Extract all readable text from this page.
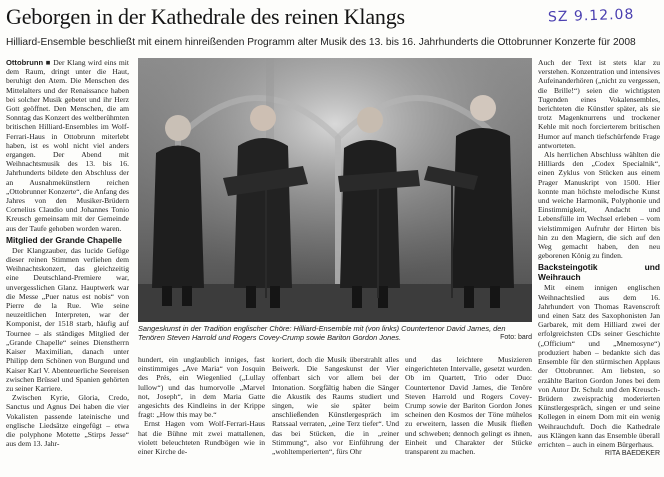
Geborgen in der Kathedrale des reinen Klangs	SZ 9.12.08
Hilliard-Ensemble beschließt mit einem hinreißenden Programm alter Musik des 13. bis 16. Jahrhunderts die Ottobrunner Konzerte für 2008

Ottobrunn ■ Der Klang wird eins mit dem Raum, dringt unter die Haut, beruhigt den Atem. Die Menschen des Mittelalters und der Renaissance haben bei solcher Musik gebetet und ihr Herz Gott geöffnet. Den Menschen, die am Sonntag das Konzert des weltberühmten britischen Hilliard-Ensembles im Wolf-Ferrari-Haus in Ottobrunn miterlebt haben, ist es wohl nicht viel anders ergangen. Der Abend mit Weihnachtsmusik des 13. bis 16. Jahrhunderts bildete den Abschluss der an Ausnahmekünstlern reichen „Ottobrunner Konzerte“, die Anfang des Jahres von den Musiker-Brüdern Cornelius Claudio und Johannes Tonio Kreusch gemeinsam mit der Gemeinde aus der Taufe gehoben worden waren.

Mitglied der Grande Chapelle

Der Klangzauber, das lucide Gefüge dieser reinen Stimmen verliehen dem Weihnachtskonzert, das gleichzeitig eine Deutschland-Premiere war, unvergesslichen Glanz. Hauptwerk war die Messe „Puer natus est nobis“ von Pierre de la Rue. Wie seine neuzeitlichen Interpreten, war der Komponist, der 1518 starb, häufig auf Tournee – als ständiges Mitglied der „Grande Chapelle“ seines Dienstherrn Kaiser Maximilian, danach unter Philipp dem Schönen von Burgund und Kaiser Karl V. Abenteuerliche Seereisen zwischen Brüssel und Spanien gehörten zu seiner Karriere.

Zwischen Kyrie, Gloria, Credo, Sanctus und Agnus Dei haben die vier Vokalisten passende lateinische und englische Liedsätze eingefügt – etwa die polyphone Motette „Stirps Jesse“ aus dem 13. Jahr-

Sangeskunst in der Tradition englischer Chöre: Hilliard-Ensemble mit (von links) Countertenor David James, den Tenören Steven Harrold und Rogers Covey-Crump sowie Bariton Gordon Jones.	Foto: bard

hundert, ein unglaublich inniges, fast einstimmiges „Ave Maria“ von Josquin des Prés, ein Wiegenlied („Lullay lullow“) und das humorvolle „Marvel not, Joseph“, in dem Maria Gatte angesichts des Kindleins in der Krippe fragt: „How this may be.“

Ernst Hagen vom Wolf-Ferrari-Haus hat die Bühne mit zwei mattallenen, violett beleuchteten Rundbögen wie in einer Kirche de-

koriert, doch die Musik überstrahlt alles Beiwerk. Die Sangeskunst der Vier offenbart sich vor allem bei der Intonation. Sorgfältig haben die Sänger die Akustik des Raums studiert und singen, wie sie später beim anschließenden Künstlergespräch im Ratssaal verraten, „eine Terz tiefer“. Und das bei Stücken, die in „reiner Stimmung“, also vor Einführung der „wohltemperierten“, fürs Ohr

und das leichtere Musizieren eingerichteten Intervalle, gesetzt wurden. Ob im Quartett, Trio oder Duo: Countertenor David James, die Tenöre Steven Harrold und Rogers Covey-Crump sowie der Bariton Gordon Jones scheinen den Kosmos der Töne mühelos zu erweitern, lassen die Musik fließen und schweben; dennoch gelingt es ihnen, Einheit und Charakter der Stücke transparent zu machen.

Auch der Text ist stets klar zu verstehen. Konzentration und intensives Aufeinanderhören („nicht zu vergessen, die Brille!“) seien die wichtigsten Tugenden eines Vokalensembles, berichteten die Künstler später, als sie trotz Magenknurrens und trockener Kehle mit noch forcierterem britischen Humor auf manch tiefschürfende Frage antworteten.

Als herrlichen Abschluss wählten die Hilliards den „Codex Specialnik“, einen Zyklus von Stücken aus einem Prager Manuskript von 1500. Hier konnte man höchste melodische Kunst und weiche Harmonik, Polyphonie und Einstimmigkeit, Andacht und Lebensfülle im Wechsel erleben – vom vielstimmigen Aufruhr der Hirten bis hin zu den Magiern, die sich auf den Weg gemacht haben, den neu geborenen König zu finden.

Backsteingotik und Weihrauch

Mit einem innigen englischen Weihnachtslied aus dem 16. Jahrhundert von Thomas Ravenscroft und einen Satz des Saxophonisten Jan Garbarek, mit dem Hilliard zwei der erfolgreichsten CDs seiner Geschichte („Officium“ und „Mnemosyne“) produziert haben – bedankte sich das Ensemble für den stürmischen Applaus der Ottobrunner. Am liebsten, so erzählte Bariton Gordon Jones bei dem von Autor Dr. Schulz und den Kreusch-Brüdern zweisprachig moderierten Künstlergespräch, singen er und seine Kollegen in einem Dom mit ein wenig Weihrauchduft. Doch die Kathedrale aus Klängen kann das Ensemble überall errichten – auch in einem Bürgerhaus.
RITA BAEDEKER
